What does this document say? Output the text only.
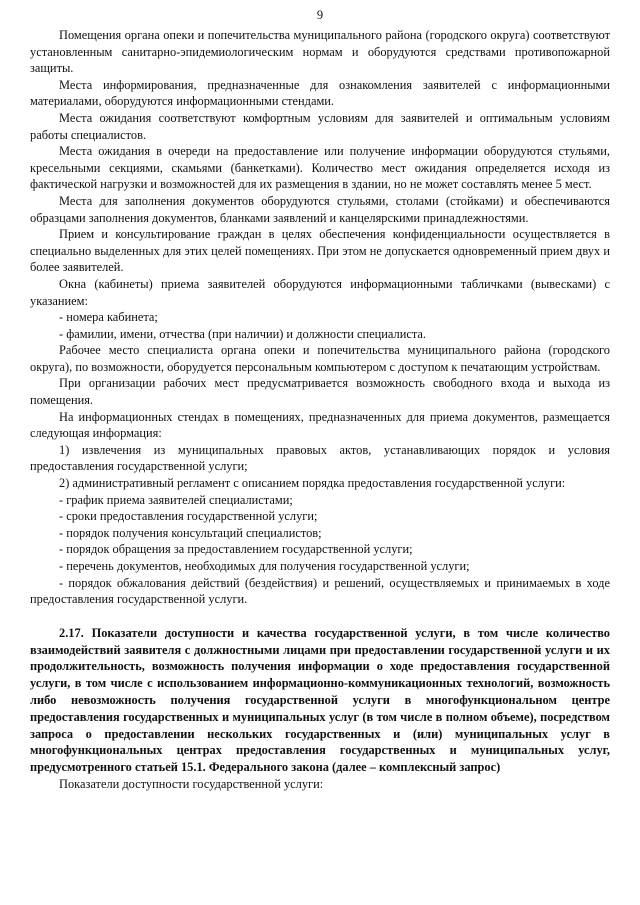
9

Помещения органа опеки и попечительства муниципального района (городского округа) соответствуют установленным санитарно-эпидемиологическим нормам и оборудуются средствами противопожарной защиты.

Места информирования, предназначенные для ознакомления заявителей с информационными материалами, оборудуются информационными стендами.

Места ожидания соответствуют комфортным условиям для заявителей и оптимальным условиям работы специалистов.

Места ожидания в очереди на предоставление или получение информации оборудуются стульями, кресельными секциями, скамьями (банкетками). Количество мест ожидания определяется исходя из фактической нагрузки и возможностей для их размещения в здании, но не может составлять менее 5 мест.

Места для заполнения документов оборудуются стульями, столами (стойками) и обеспечиваются образцами заполнения документов, бланками заявлений и канцелярскими принадлежностями.

Прием и консультирование граждан в целях обеспечения конфиденциальности осуществляется в специально выделенных для этих целей помещениях. При этом не допускается одновременный прием двух и более заявителей.

Окна (кабинеты) приема заявителей оборудуются информационными табличками (вывесками) с указанием:

- номера кабинета;

- фамилии, имени, отчества (при наличии) и должности специалиста.

Рабочее место специалиста органа опеки и попечительства муниципального района (городского округа), по возможности, оборудуется персональным компьютером с доступом к печатающим устройствам.

При организации рабочих мест предусматривается возможность свободного входа и выхода из помещения.

На информационных стендах в помещениях, предназначенных для приема документов, размещается следующая информация:

1) извлечения из муниципальных правовых актов, устанавливающих порядок и условия предоставления государственной услуги;

2) административный регламент с описанием порядка предоставления государственной услуги:

- график приема заявителей специалистами;

- сроки предоставления государственной услуги;

- порядок получения консультаций специалистов;

- порядок обращения за предоставлением государственной услуги;

- перечень документов, необходимых для получения государственной услуги;

- порядок обжалования действий (бездействия) и решений, осуществляемых и принимаемых в ходе предоставления государственной услуги.

2.17. Показатели доступности и качества государственной услуги, в том числе количество взаимодействий заявителя с должностными лицами при предоставлении государственной услуги и их продолжительность, возможность получения информации о ходе предоставления государственной услуги, в том числе с использованием информационно-коммуникационных технологий, возможность либо невозможность получения государственной услуги в многофункциональном центре предоставления государственных и муниципальных услуг (в том числе в полном объеме), посредством запроса о предоставлении нескольких государственных и (или) муниципальных услуг в многофункциональных центрах предоставления государственных и муниципальных услуг, предусмотренного статьей 15.1. Федерального закона (далее – комплексный запрос)

Показатели доступности государственной услуги:
